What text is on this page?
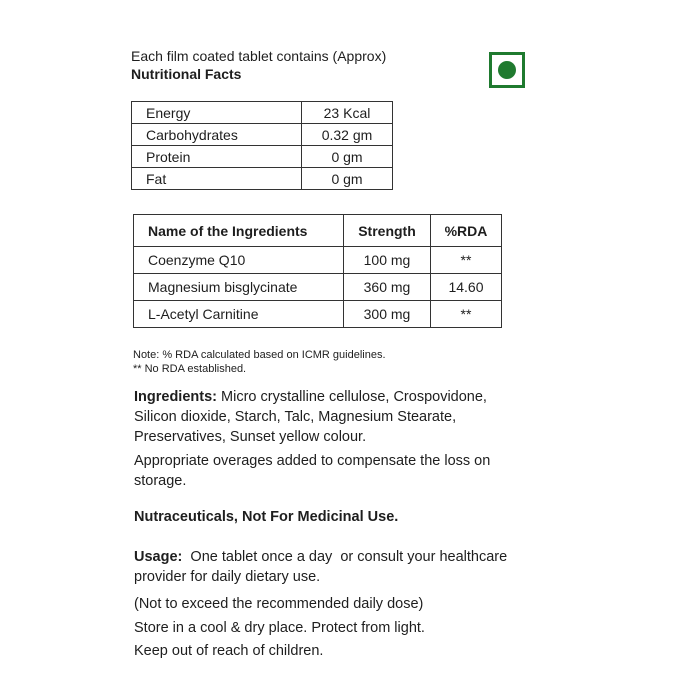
Each film coated tablet contains (Approx)
Nutritional Facts
Energy	23 Kcal
Carbohydrates	0.32 gm
Protein	0 gm
Fat	0 gm
Name of the Ingredients	Strength	%RDA
Coenzyme Q10	100 mg	**
Magnesium bisglycinate	360 mg	14.60
L-Acetyl Carnitine	300 mg	**
Note: % RDA calculated based on ICMR guidelines.
** No RDA established.
Ingredients: Micro crystalline cellulose, Crospovidone,
Silicon dioxide, Starch, Talc, Magnesium Stearate,
Preservatives, Sunset yellow colour.
Appropriate overages added to compensate the loss on
storage.
Nutraceuticals, Not For Medicinal Use.
Usage:  One tablet once a day  or consult your healthcare
provider for daily dietary use.
(Not to exceed the recommended daily dose)
Store in a cool & dry place. Protect from light.
Keep out of reach of children.
